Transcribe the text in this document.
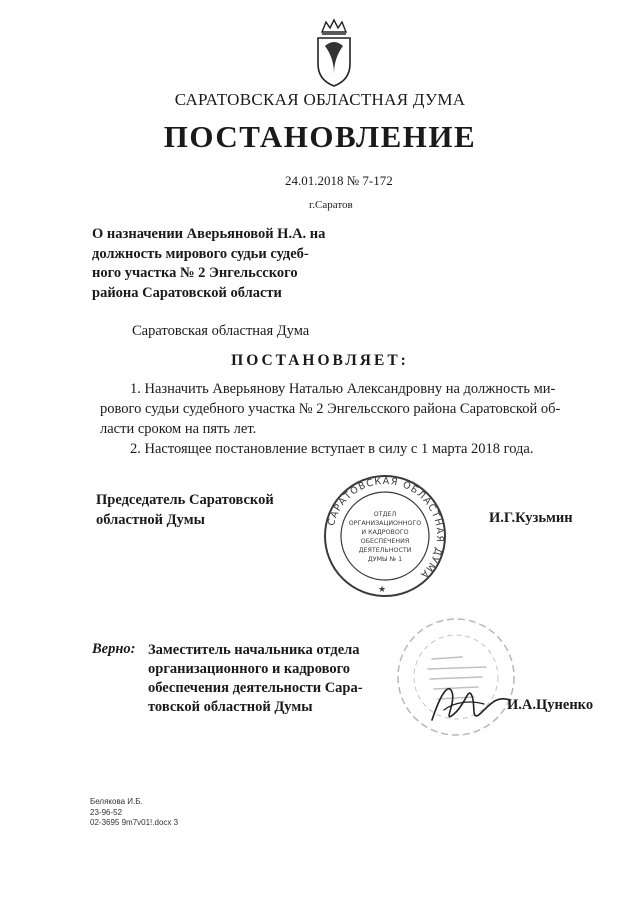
САРАТОВСКАЯ ОБЛАСТНАЯ ДУМА
ПОСТАНОВЛЕНИЕ
24.01.2018 № 7-172
г.Саратов
О назначении Аверьяновой Н.А. на
должность мирового судьи судеб-
ного участка № 2 Энгельсского
района Саратовской области
Саратовская областная Дума
ПОСТАНОВЛЯЕТ:
1. Назначить Аверьянову Наталью Александровну на должность ми-
рового судьи судебного участка № 2 Энгельсского района Саратовской об-
ласти сроком на пять лет.
2. Настоящее постановление вступает в силу с 1 марта 2018 года.
Председатель Саратовской
областной Думы	САРАТОВСКАЯ ОБЛАСТНАЯ ДУМА
★
ОТДЕЛ
ОРГАНИЗАЦИОННОГО
И КАДРОВОГО
ОБЕСПЕЧЕНИЯ
ДЕЯТЕЛЬНОСТИ
ДУМЫ № 1
И.Г.Кузьмин
Верно: Заместитель начальника отдела
организационного и кадрового
обеспечения деятельности Сара-
товской областной Думы	И.А.Цуненко
Белякова И.Б.
23-96-52
02-3695 9m7v01!.docx 3
